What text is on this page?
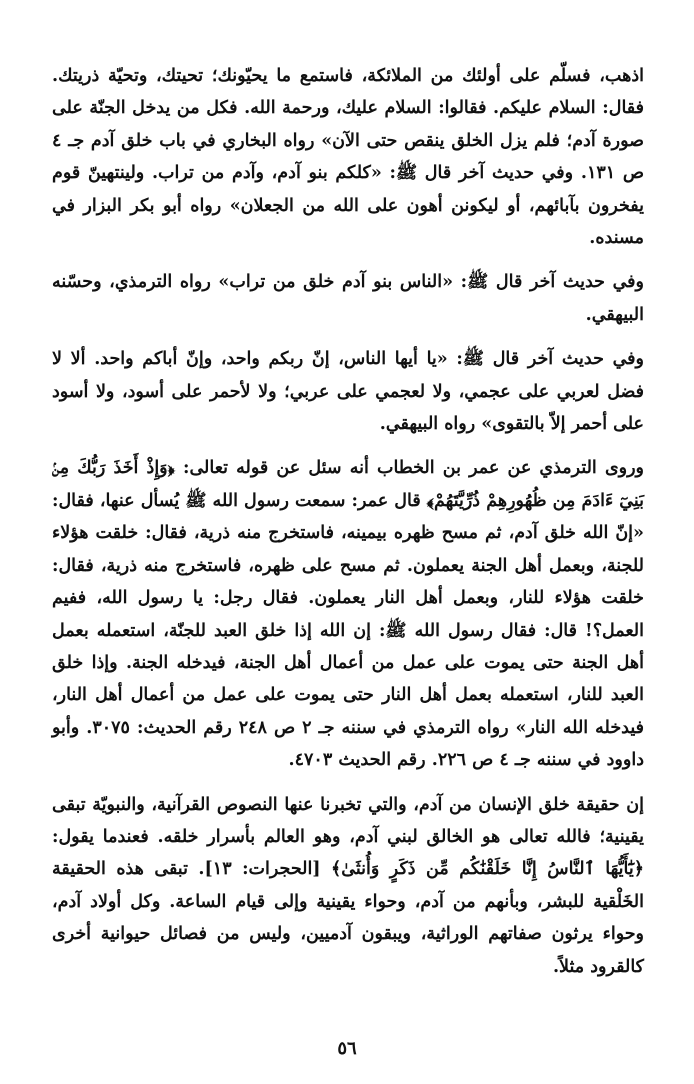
اذهب، فسلّم على أولئك من الملائكة، فاستمع ما يحيّونك؛ تحيتك، وتحيّة ذريتك. فقال: السلام عليكم. فقالوا: السلام عليك، ورحمة الله. فكل من يدخل الجنّة على صورة آدم؛ فلم يزل الخلق ينقص حتى الآن» رواه البخاري في باب خلق آدم جـ ٤ ص ١٣١. وفي حديث آخر قال ﷺ: «كلكم بنو آدم، وآدم من تراب. ولينتهينّ قوم يفخرون بآبائهم، أو ليكونن أهون على الله من الجعلان» رواه أبو بكر البزار في مسنده.

وفي حديث آخر قال ﷺ: «الناس بنو آدم خلق من تراب» رواه الترمذي، وحسّنه البيهقي.

وفي حديث آخر قال ﷺ: «يا أيها الناس، إنّ ربكم واحد، وإنّ أباكم واحد. ألا لا فضل لعربي على عجمي، ولا لعجمي على عربي؛ ولا لأحمر على أسود، ولا أسود على أحمر إلاّ بالتقوى» رواه البيهقي.

وروى الترمذي عن عمر بن الخطاب أنه سئل عن قوله تعالى: ﴿وَإِذْ أَخَذَ رَبُّكَ مِنۢ بَنِيٓ ءَادَمَ مِن ظُهُورِهِمْ ذُرِّيَّتَهُمْ﴾ قال عمر: سمعت رسول الله ﷺ يُسأل عنها، فقال: «إنّ الله خلق آدم، ثم مسح ظهره بيمينه، فاستخرج منه ذرية، فقال: خلقت هؤلاء للجنة، وبعمل أهل الجنة يعملون. ثم مسح على ظهره، فاستخرج منه ذرية، فقال: خلقت هؤلاء للنار، وبعمل أهل النار يعملون. فقال رجل: يا رسول الله، ففيم العمل؟! قال: فقال رسول الله ﷺ: إن الله إذا خلق العبد للجنّة، استعمله بعمل أهل الجنة حتى يموت على عمل من أعمال أهل الجنة، فيدخله الجنة. وإذا خلق العبد للنار، استعمله بعمل أهل النار حتى يموت على عمل من أعمال أهل النار، فيدخله الله النار» رواه الترمذي في سننه جـ ٢ ص ٢٤٨ رقم الحديث: ٣٠٧٥. وأبو داوود في سننه جـ ٤ ص ٢٢٦. رقم الحديث ٤٧٠٣.

إن حقيقة خلق الإنسان من آدم، والتي تخبرنا عنها النصوص القرآنية، والنبويّة تبقى يقينية؛ فالله تعالى هو الخالق لبني آدم، وهو العالم بأسرار خلقه. فعندما يقول: ﴿يَٰٓأَيُّهَا ٱلنَّاسُ إِنَّا خَلَقْنَٰكُم مِّن ذَكَرٍ وَأُنثَىٰ﴾ [الحجرات: ١٣]. تبقى هذه الحقيقة الخَلْقية للبشر، وبأنهم من آدم، وحواء يقينية وإلى قيام الساعة. وكل أولاد آدم، وحواء يرثون صفاتهم الوراثية، ويبقون آدميين، وليس من فصائل حيوانية أخرى كالقرود مثلاً.

٥٦
